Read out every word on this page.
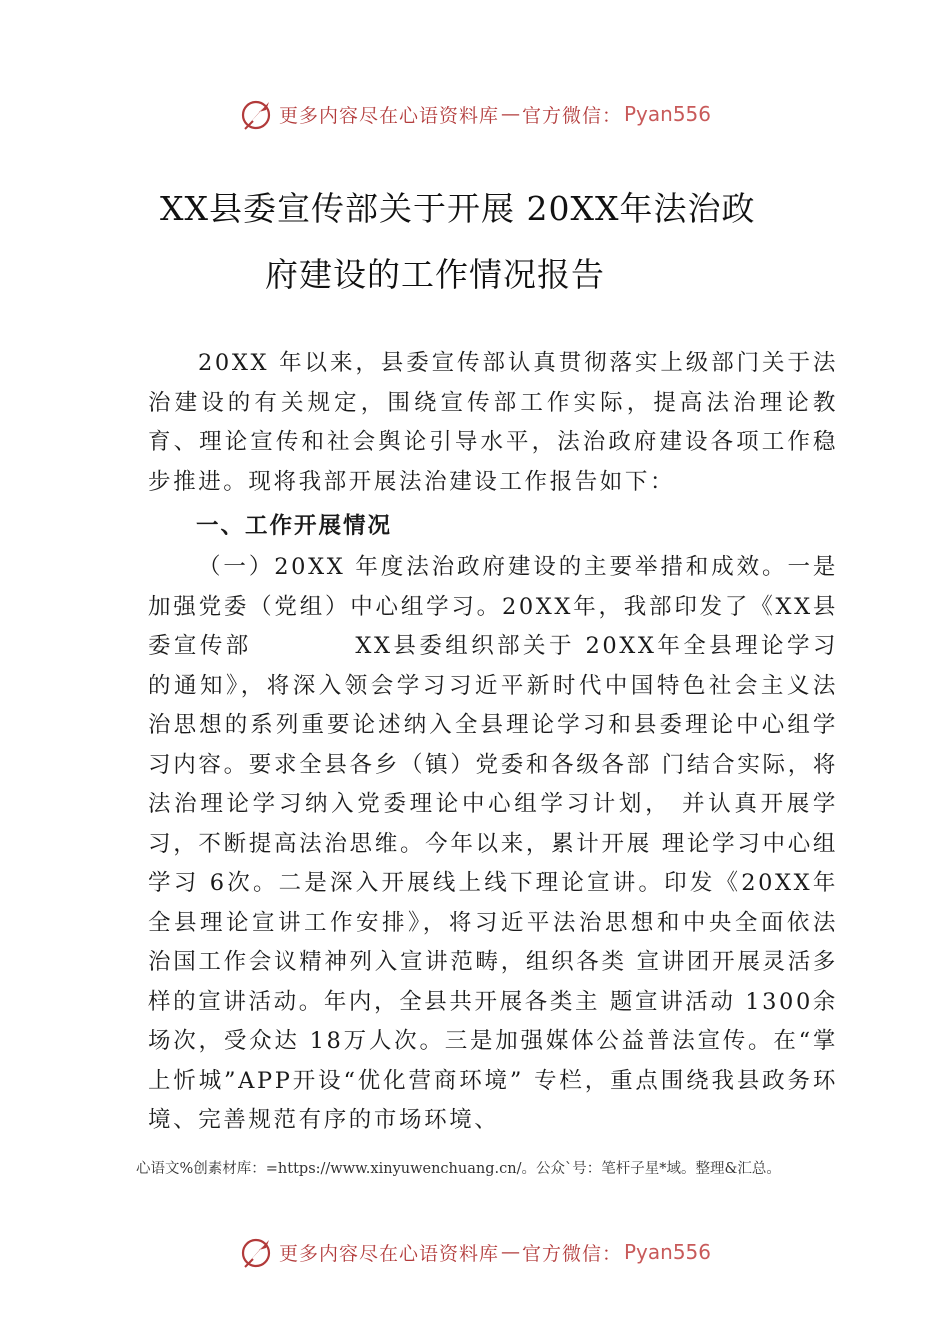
更多内容尽在心语资料库 — 官方微信： Pyan556
XX县委宣传部关于开展 20XX年法治政
府建设的工作情况报告

20XX 年以来，县委宣传部认真贯彻落实上级部门关于法治建设的有关规定，围绕宣传部工作实际，提高法治理论教育、理论宣传和社会舆论引导水平，法治政府建设各项工作稳步推进。现将我部开展法治建设工作报告如下：

一、工作开展情况

（一）20XX 年度法治政府建设的主要举措和成效。一是加强党委（党组）中心组学习。20XX年，我部印发了《XX县委宣传部　　　　XX县委组织部关于 20XX年全县理论学习的通知》，将深入领会学习习近平新时代中国特色社会主义法治思想的系列重要论述纳入全县理论学习和县委理论中心组学习内容。要求全县各乡（镇）党委和各级各部 门结合实际，将法治理论学习纳入党委理论中心组学习计划， 并认真开展学习，不断提高法治思维。今年以来，累计开展 理论学习中心组学习 6次。二是深入开展线上线下理论宣讲。印发《20XX年全县理论宣讲工作安排》，将习近平法治思想和中央全面依法治国工作会议精神列入宣讲范畴，组织各类 宣讲团开展灵活多样的宣讲活动。年内，全县共开展各类主 题宣讲活动 1300余场次，受众达 18万人次。三是加强媒体公益普法宣传。在“掌上忻城”APP开设“优化营商环境” 专栏，重点围绕我县政务环境、完善规范有序的市场环境、

心语文%创素材库：=https://www.xinyuwenchuang.cn/。公众`号：笔杆子星*域。整理&汇总。
更多内容尽在心语资料库 — 官方微信： Pyan556
